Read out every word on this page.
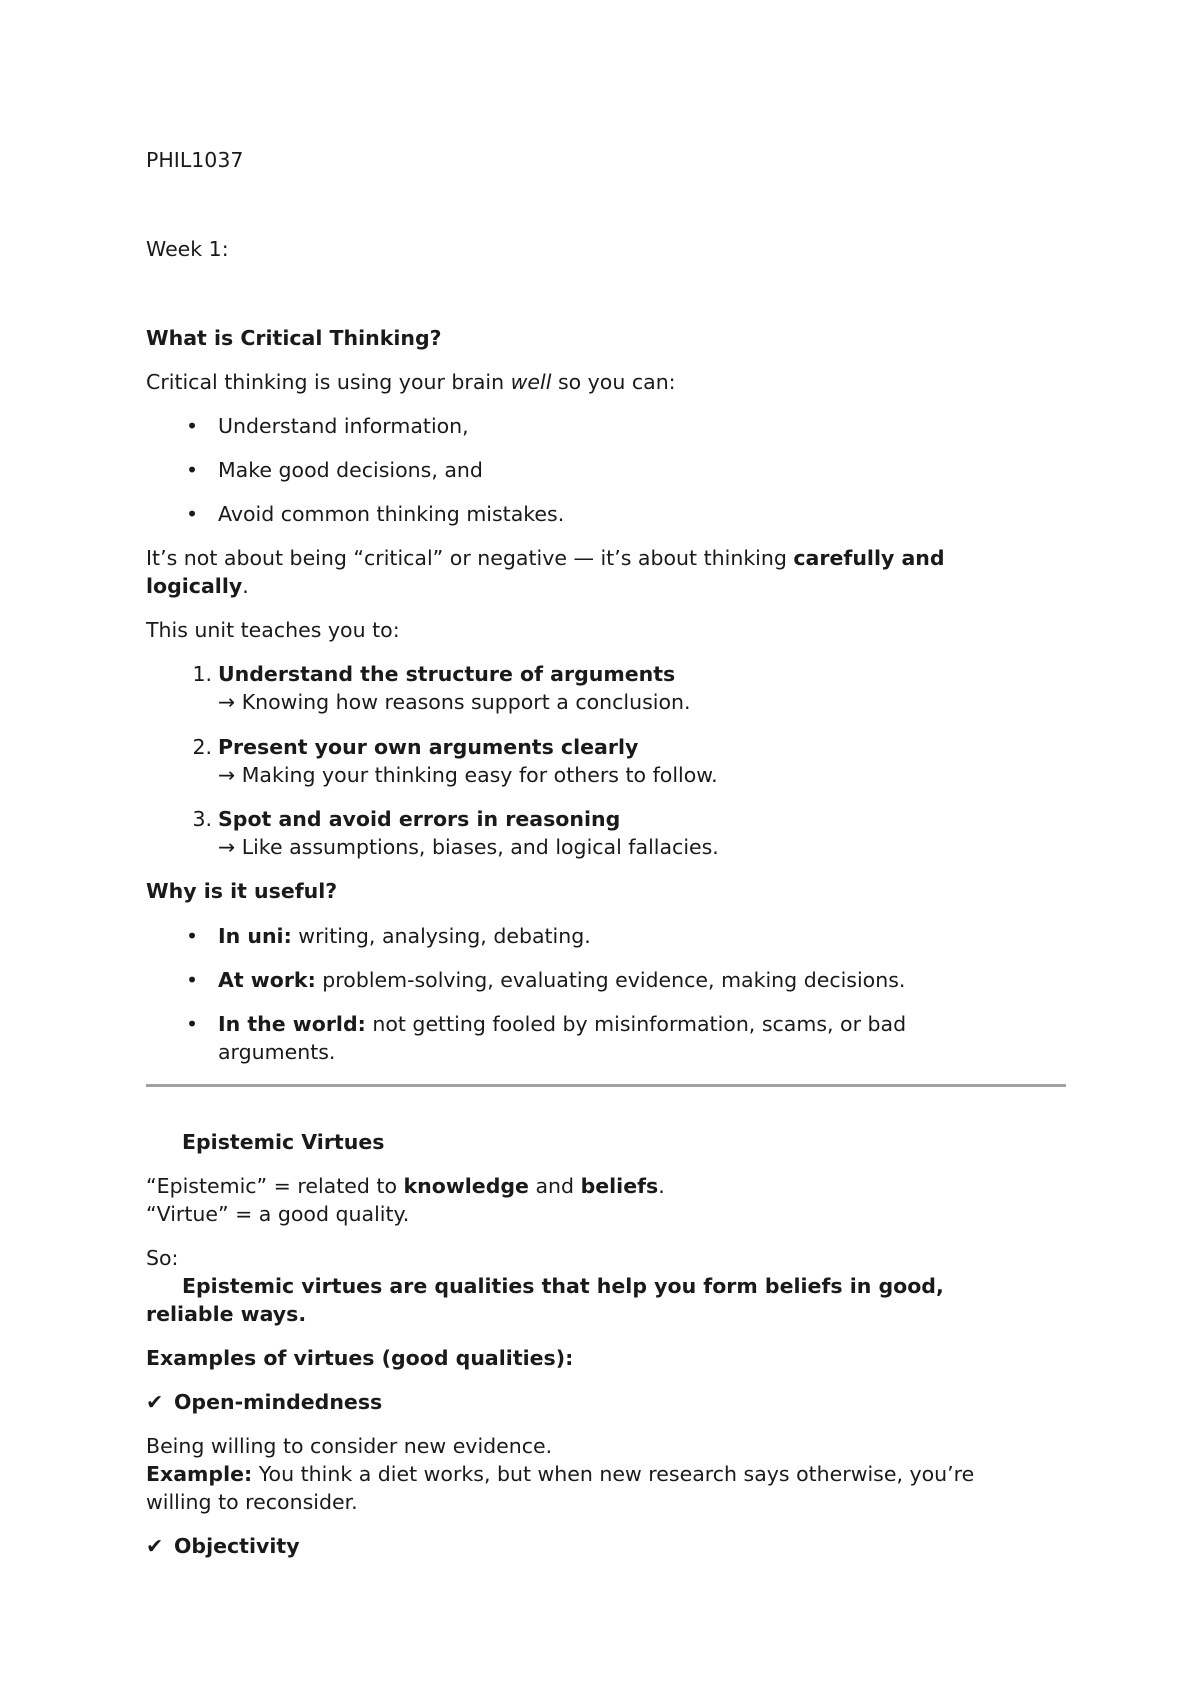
PHIL1037
Week 1:
What is Critical Thinking?
Critical thinking is using your brain well so you can:
• Understand information,
• Make good decisions, and
• Avoid common thinking mistakes.
It’s not about being “critical” or negative — it’s about thinking carefully and
logically.
This unit teaches you to:
1. Understand the structure of arguments
→ Knowing how reasons support a conclusion.
2. Present your own arguments clearly
→ Making your thinking easy for others to follow.
3. Spot and avoid errors in reasoning
→ Like assumptions, biases, and logical fallacies.
Why is it useful?
• In uni: writing, analysing, debating.
• At work: problem-solving, evaluating evidence, making decisions.
• In the world: not getting fooled by misinformation, scams, or bad
arguments.
Epistemic Virtues
“Epistemic” = related to knowledge and beliefs.
“Virtue” = a good quality.
So:
Epistemic virtues are qualities that help you form beliefs in good,
reliable ways.
Examples of virtues (good qualities):
✔ Open-mindedness
Being willing to consider new evidence.
Example: You think a diet works, but when new research says otherwise, you’re
willing to reconsider.
✔ Objectivity
